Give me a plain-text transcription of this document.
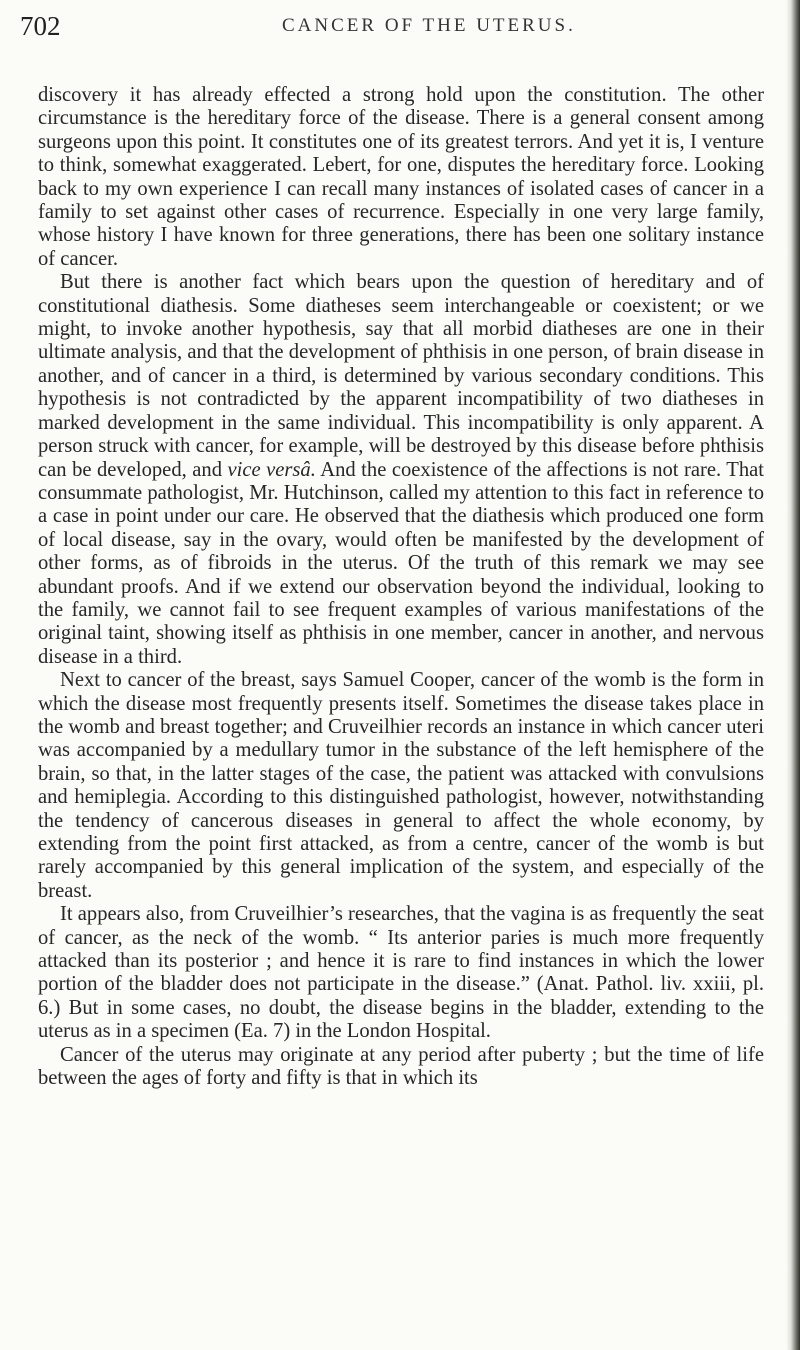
702	CANCER OF THE UTERUS.

discovery it has already effected a strong hold upon the constitution. The other circumstance is the hereditary force of the disease. There is a general consent among surgeons upon this point. It constitutes one of its greatest terrors. And yet it is, I venture to think, somewhat exaggerated. Lebert, for one, disputes the hereditary force. Looking back to my own experience I can recall many instances of isolated cases of cancer in a family to set against other cases of recurrence. Especially in one very large family, whose history I have known for three generations, there has been one solitary instance of cancer.

But there is another fact which bears upon the question of hereditary and of constitutional diathesis. Some diatheses seem interchangeable or coexistent; or we might, to invoke another hypothesis, say that all morbid diatheses are one in their ultimate analysis, and that the development of phthisis in one person, of brain disease in another, and of cancer in a third, is determined by various secondary conditions. This hypothesis is not contradicted by the apparent incompatibility of two diatheses in marked development in the same individual. This incompatibility is only apparent. A person struck with cancer, for example, will be destroyed by this disease before phthisis can be developed, and vice versâ. And the coexistence of the affections is not rare. That consummate pathologist, Mr. Hutchinson, called my attention to this fact in reference to a case in point under our care. He observed that the diathesis which produced one form of local disease, say in the ovary, would often be manifested by the development of other forms, as of fibroids in the uterus. Of the truth of this remark we may see abundant proofs. And if we extend our observation beyond the individual, looking to the family, we cannot fail to see frequent examples of various manifestations of the original taint, showing itself as phthisis in one member, cancer in another, and nervous disease in a third.

Next to cancer of the breast, says Samuel Cooper, cancer of the womb is the form in which the disease most frequently presents itself. Sometimes the disease takes place in the womb and breast together; and Cruveilhier records an instance in which cancer uteri was accompanied by a medullary tumor in the substance of the left hemisphere of the brain, so that, in the latter stages of the case, the patient was attacked with convulsions and hemiplegia. According to this distinguished pathologist, however, notwithstanding the tendency of cancerous diseases in general to affect the whole economy, by extending from the point first attacked, as from a centre, cancer of the womb is but rarely accompanied by this general implication of the system, and especially of the breast.

It appears also, from Cruveilhier’s researches, that the vagina is as frequently the seat of cancer, as the neck of the womb. “ Its anterior paries is much more frequently attacked than its posterior ; and hence it is rare to find instances in which the lower portion of the bladder does not participate in the disease.” (Anat. Pathol. liv. xxiii, pl. 6.) But in some cases, no doubt, the disease begins in the bladder, extending to the uterus as in a specimen (Ea. 7) in the London Hospital.

Cancer of the uterus may originate at any period after puberty ; but the time of life between the ages of forty and fifty is that in which its
